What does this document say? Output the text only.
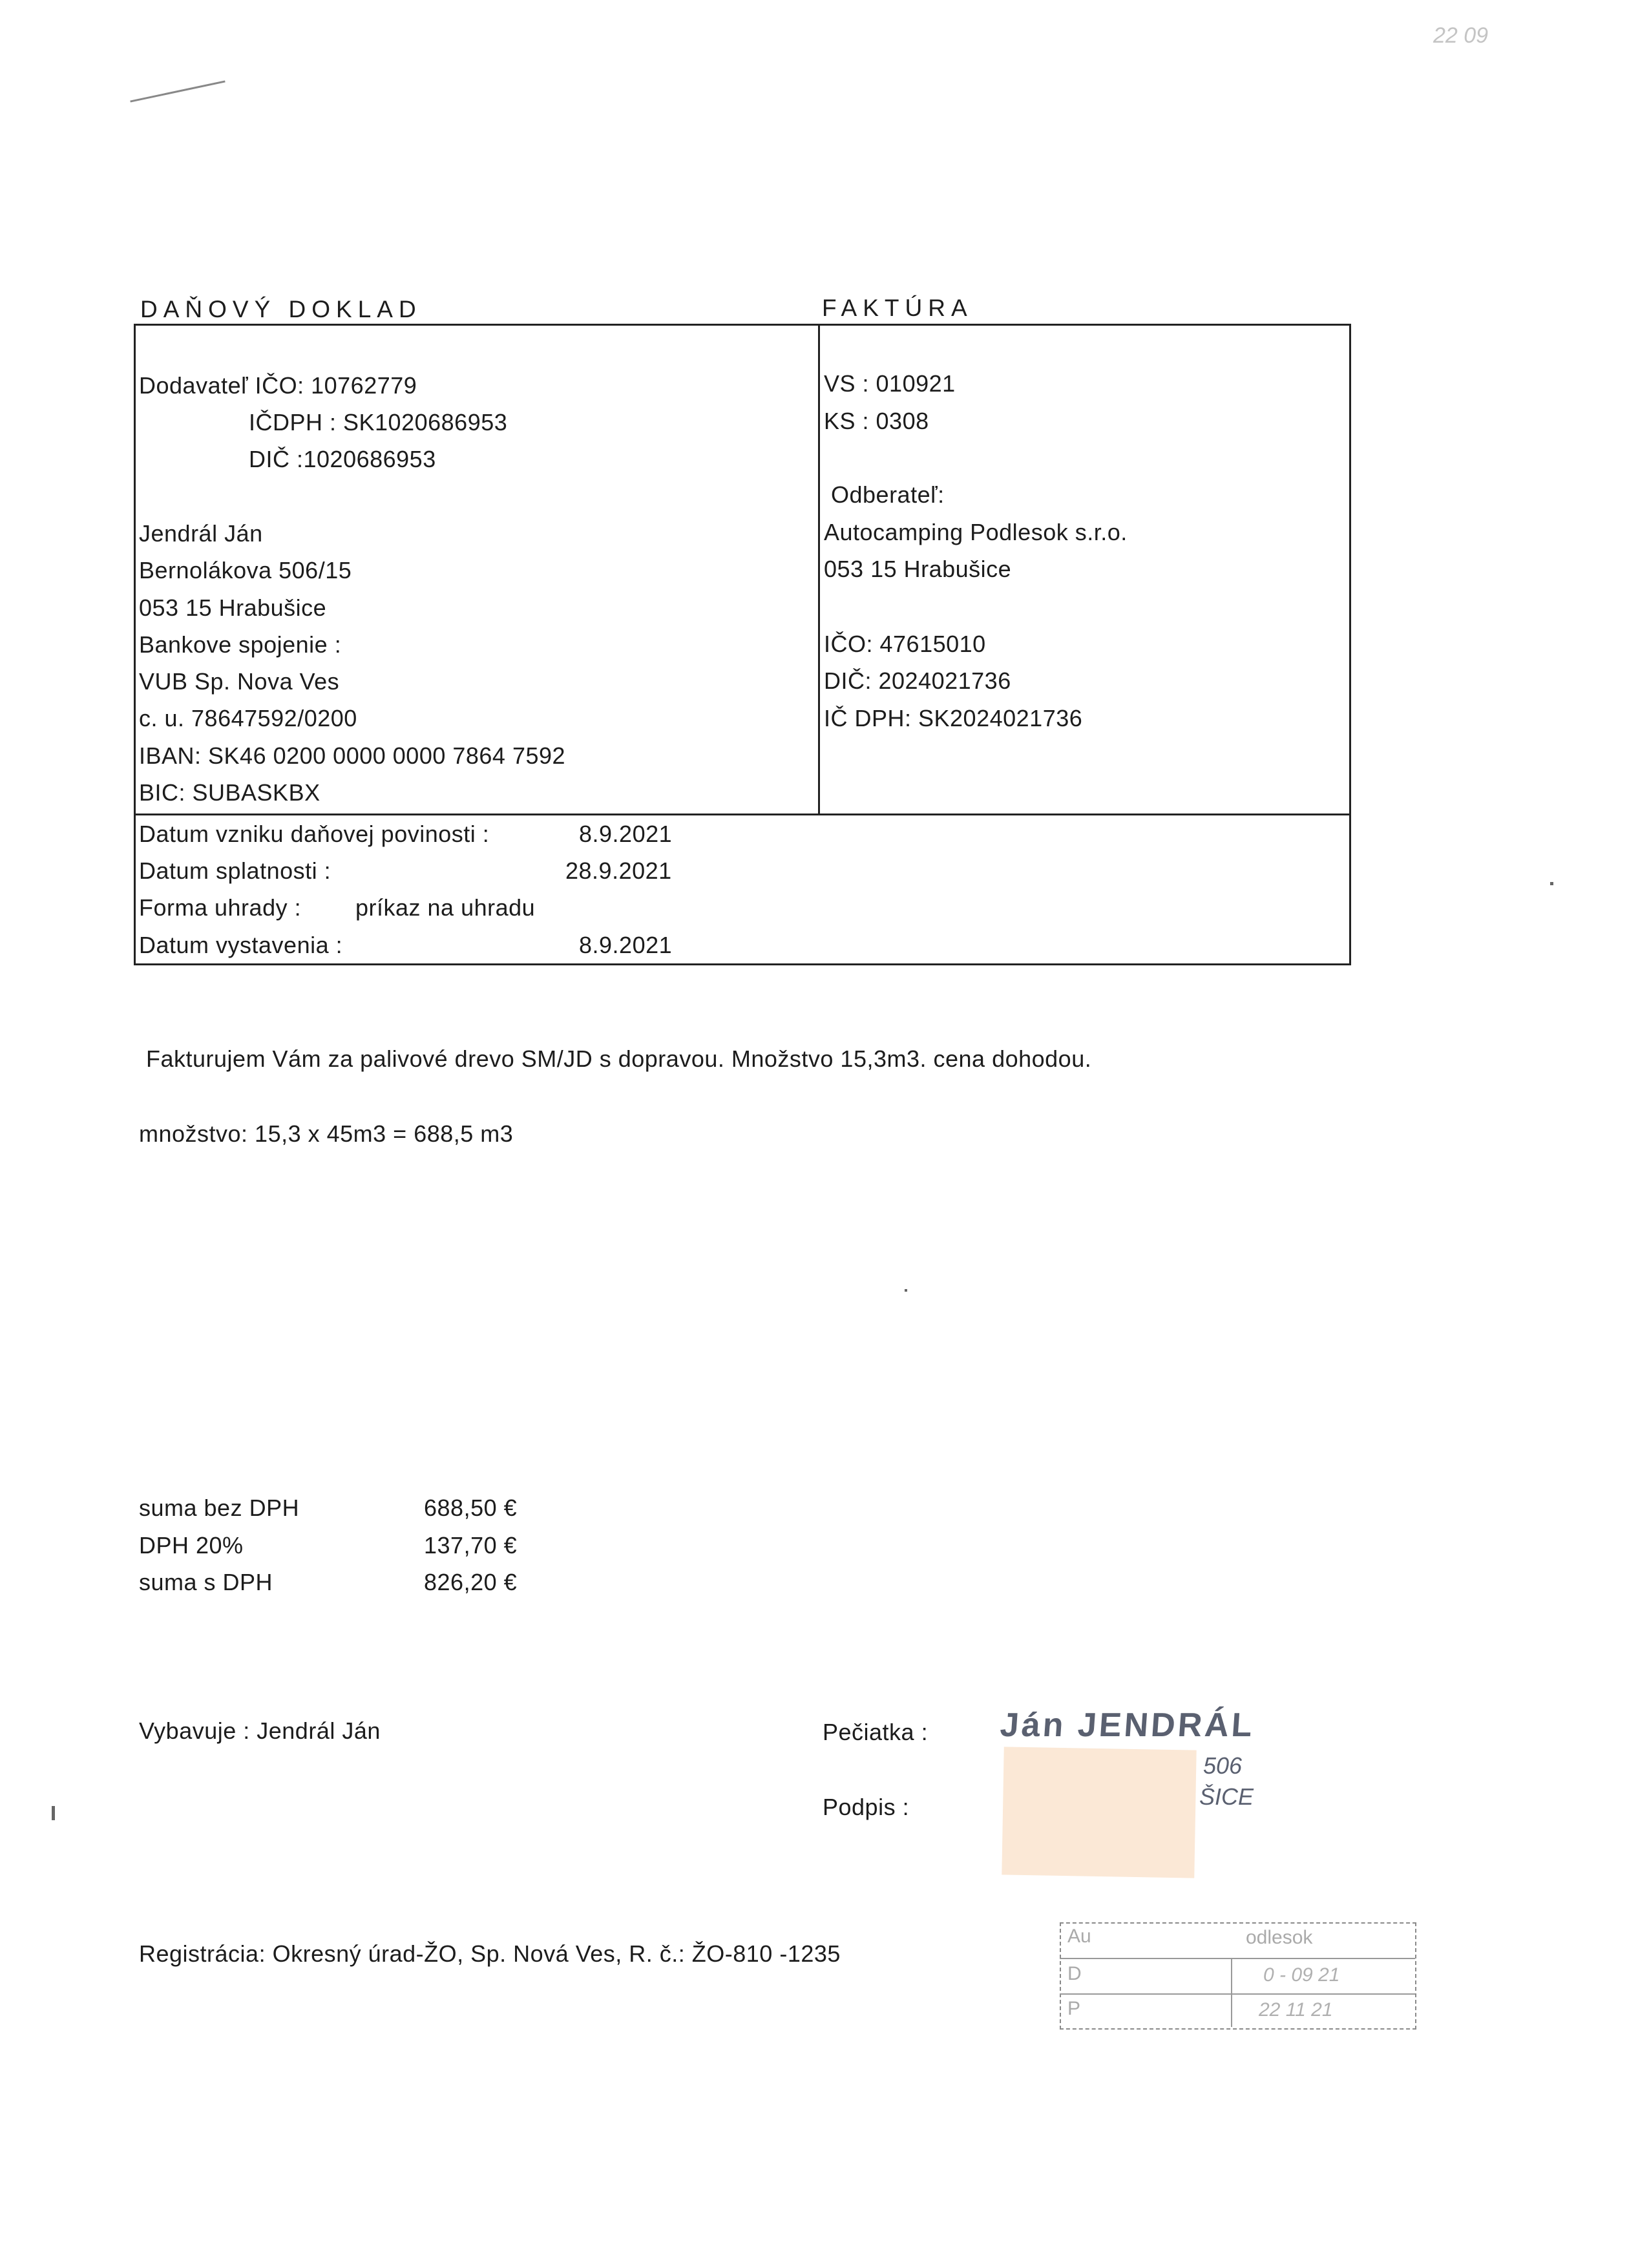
22 09
DAŇOVÝ DOKLAD	FAKTÚRA
Dodavateľ IČO: 10762779
IČDPH : SK1020686953
DIČ :1020686953
Jendrál Ján
Bernolákova 506/15
053 15 Hrabušice
Bankove spojenie :
VUB Sp. Nova Ves
c. u. 78647592/0200
IBAN: SK46 0200 0000 0000 7864 7592
BIC: SUBASKBX
VS : 010921
KS : 0308
Odberateľ:
Autocamping Podlesok s.r.o.
053 15 Hrabušice
IČO: 47615010
DIČ: 2024021736
IČ DPH: SK2024021736
Datum vzniku daňovej povinosti :	8.9.2021
Datum splatnosti :	28.9.2021
Forma uhrady : príkaz na uhradu
Datum vystavenia :	8.9.2021
Fakturujem Vám za palivové drevo SM/JD s dopravou. Množstvo 15,3m3. cena dohodou.
množstvo: 15,3 x 45m3 = 688,5 m3
suma bez DPH	688,50 €
DPH 20%	137,70 €
suma s DPH	826,20 €
Vybavuje : Jendrál Ján	Pečiatka :
Podpis :
Ján JENDRÁL
506
ŠICE
Registrácia: Okresný úrad-ŽO, Sp. Nová Ves, R. č.: ŽO-810 -1235
Au	odlesok
D	0 - 09 21
P	22 11 21
